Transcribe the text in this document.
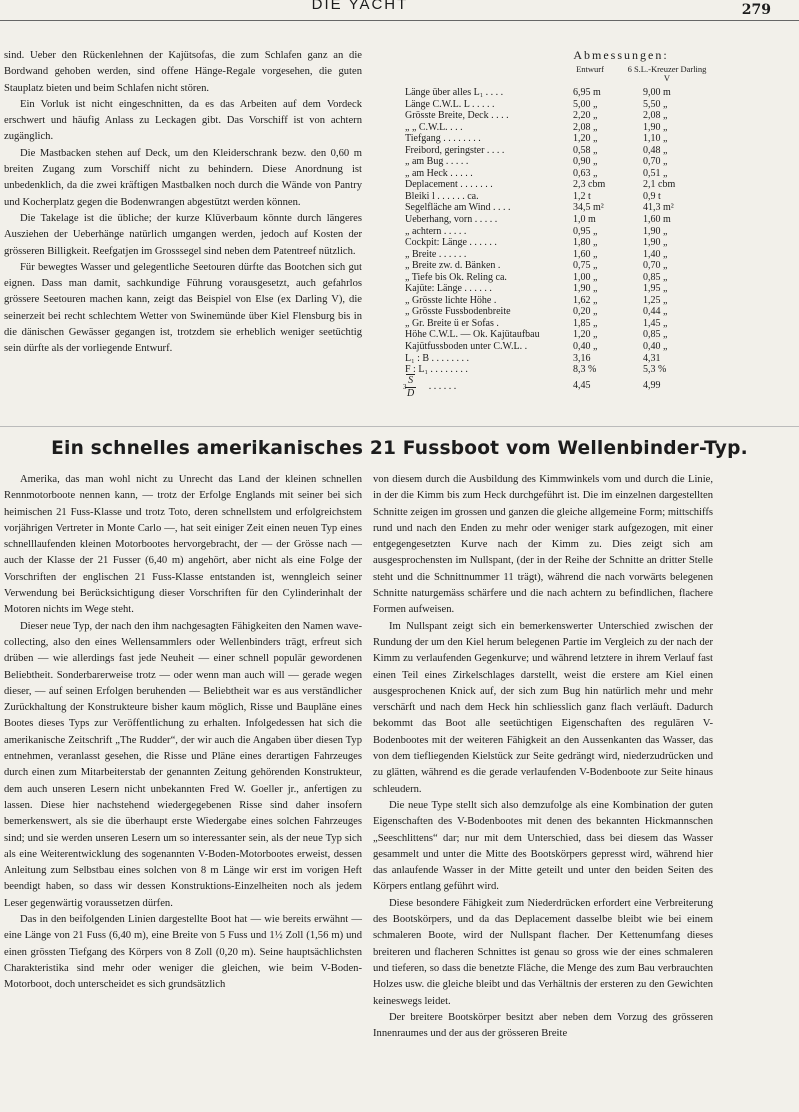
DIE YACHT	279

sind. Ueber den Rückenlehnen der Kajütsofas, die zum Schlafen ganz an die Bordwand gehoben werden, sind offene Hänge-Regale vorgesehen, die guten Stauplatz bieten und beim Schlafen nicht stören.

Ein Vorluk ist nicht eingeschnitten, da es das Arbeiten auf dem Vordeck erschwert und häufig Anlass zu Leckagen gibt. Das Vorschiff ist von achtern zugänglich.

Die Mastbacken stehen auf Deck, um den Kleiderschrank bezw. den 0,60 m breiten Zugang zum Vorschiff nicht zu behindern. Diese Anordnung ist unbedenklich, da die zwei kräftigen Mastbalken noch durch die Wände von Pantry und Kocherplatz gegen die Bodenwrangen abgestützt werden können.

Die Takelage ist die übliche; der kurze Klüverbaum könnte durch längeres Ausziehen der Ueberhänge natürlich umgangen werden, jedoch auf Kosten der grösseren Billigkeit. Reefgatjen im Grosssegel sind neben dem Patentreef nützlich.

Für bewegtes Wasser und gelegentliche Seetouren dürfte das Bootchen sich gut eignen. Dass man damit, sachkundige Führung vorausgesetzt, auch gefahrlos grössere Seetouren machen kann, zeigt das Beispiel von Else (ex Darling V), die seinerzeit bei recht schlechtem Wetter von Swinemünde über Kiel Flensburg bis in die dänischen Gewässer gegangen ist, trotzdem sie erheblich weniger seetüchtig sein dürfte als der vorliegende Entwurf.

Abmessungen:
Entwurf	6 S.L.-Kreuzer Darling V
Länge über alles L₁ . . . .	6,95 m	9,00 m
Länge C.W.L. L . . . . .	5,00 „	5,50 „
Grösste Breite, Deck . . . .	2,20 „	2,08 „
„ „ C.W.L. . . .	2,08 „	1,90 „
Tiefgang . . . . . . . .	1,20 „	1,10 „
Freibord, geringster . . . .	0,58 „	0,48 „
„ am Bug . . . . .	0,90 „	0,70 „
„ am Heck . . . . .	0,63 „	0,51 „
Deplacement . . . . . . .	2,3 cbm	2,1 cbm
Bleiki l . . . . . . ca.	1,2 t	0,9 t
Segelfläche am Wind . . . .	34,5 m²	41,3 m²
Ueberhang, vorn . . . . .	1,0 m	1,60 m
„ achtern . . . . .	0,95 „	1,90 „
Cockpit: Länge . . . . . .	1,80 „	1,90 „
„ Breite . . . . . .	1,60 „	1,40 „
„ Breite zw. d. Bänken .	0,75 „	0,70 „
„ Tiefe bis Ok. Reling ca.	1,00 „	0,85 „
Kajüte: Länge . . . . . .	1,90 „	1,95 „
„ Grösste lichte Höhe .	1,62 „	1,25 „
„ Grösste Fussbodenbreite	0,20 „	0,44 „
„ Gr. Breite ü er Sofas .	1,85 „	1,45 „
Höhe C.W.L. — Ok. Kajütaufbau	1,20 „	0,85 „
Kajütfussboden unter C.W.L. .	0,40 „	0,40 „
L₁ : B . . . . . . . .	3,16	4,31
F : L₁ . . . . . . . .	8,3 %	5,3 %
S
3
D . . . . . .	4,45	4,99
Ein schnelles amerikanisches 21 Fussboot vom Wellenbinder-Typ.

Amerika, das man wohl nicht zu Unrecht das Land der kleinen schnellen Rennmotorboote nennen kann, — trotz der Erfolge Englands mit seiner bei sich heimischen 21 Fuss-Klasse und trotz Toto, deren schnellstem und erfolgreichstem vorjährigen Vertreter in Monte Carlo —, hat seit einiger Zeit einen neuen Typ eines schnelllaufenden kleinen Motorbootes hervorgebracht, der — der Grösse nach — auch der Klasse der 21 Fusser (6,40 m) angehört, aber nicht als eine Folge der Vorschriften der englischen 21 Fuss-Klasse entstanden ist, wenngleich seiner Verwendung bei Berücksichtigung dieser Vorschriften für den Cylinderinhalt der Motoren nichts im Wege steht.

Dieser neue Typ, der nach den ihm nachgesagten Fähigkeiten den Namen wave-collecting, also den eines Wellensammlers oder Wellenbinders trägt, erfreut sich drüben — wie allerdings fast jede Neuheit — einer schnell populär gewordenen Beliebtheit. Sonderbarerweise trotz — oder wenn man auch will — gerade wegen dieser, — auf seinen Erfolgen beruhenden — Beliebtheit war es aus verständlicher Zurückhaltung der Konstrukteure bisher kaum möglich, Risse und Baupläne eines Bootes dieses Typs zur Veröffentlichung zu erhalten. Infolgedessen hat sich die amerikanische Zeitschrift „The Rudder“, der wir auch die Angaben über diesen Typ entnehmen, veranlasst gesehen, die Risse und Pläne eines derartigen Fahrzeuges durch einen zum Mitarbeiterstab der genannten Zeitung gehörenden Konstrukteur, dem auch unseren Lesern nicht unbekannten Fred W. Goeller jr., anfertigen zu lassen. Diese hier nachstehend wiedergegebenen Risse sind daher insofern bemerkenswert, als sie die überhaupt erste Wiedergabe eines solchen Fahrzeuges sind; und sie werden unseren Lesern um so interessanter sein, als der neue Typ sich als eine Weiterentwicklung des sogenannten V-Boden-Motorbootes erweist, dessen Anleitung zum Selbstbau eines solchen von 8 m Länge wir erst im vorigen Heft beendigt haben, so dass wir dessen Konstruktions-Einzelheiten noch als jedem Leser gegenwärtig voraussetzen dürfen.

Das in den beifolgenden Linien dargestellte Boot hat — wie bereits erwähnt — eine Länge von 21 Fuss (6,40 m), eine Breite von 5 Fuss und 1½ Zoll (1,56 m) und einen grössten Tiefgang des Körpers von 8 Zoll (0,20 m). Seine hauptsächlichsten Charakteristika sind mehr oder weniger die gleichen, wie beim V-Boden-Motorboot, doch unterscheidet es sich grundsätzlich

von diesem durch die Ausbildung des Kimmwinkels vom und durch die Linie, in der die Kimm bis zum Heck durchgeführt ist. Die im einzelnen dargestellten Schnitte zeigen im grossen und ganzen die gleiche allgemeine Form; mittschiffs rund und nach den Enden zu mehr oder weniger stark aufgezogen, mit einer entgegengesetzten Kurve nach der Kimm zu. Dies zeigt sich am ausgesprochensten im Nullspant, (der in der Reihe der Schnitte an dritter Stelle steht und die Schnittnummer 11 trägt), während die nach vorwärts belegenen Schnitte naturgemäss schärfere und die nach achtern zu befindlichen, flachere Formen aufweisen.

Im Nullspant zeigt sich ein bemerkenswerter Unterschied zwischen der Rundung der um den Kiel herum belegenen Partie im Vergleich zu der nach der Kimm zu verlaufenden Gegenkurve; und während letztere in ihrem Verlauf fast einen Teil eines Zirkelschlages darstellt, weist die erstere am Kiel einen ausgesprochenen Knick auf, der sich zum Bug hin natürlich mehr und mehr verschärft und nach dem Heck hin schliesslich ganz flach verläuft. Dadurch bekommt das Boot alle seetüchtigen Eigenschaften des regulären V-Bodenbootes mit der weiteren Fähigkeit an den Aussenkanten das Wasser, das von dem tiefliegenden Kielstück zur Seite gedrängt wird, niederzudrücken und zu glätten, während es die gerade verlaufenden V-Bodenboote zur Seite hinaus schleudern.

Die neue Type stellt sich also demzufolge als eine Kombination der guten Eigenschaften des V-Bodenbootes mit denen des bekannten Hickmannschen „Seeschlittens“ dar; nur mit dem Unterschied, dass bei diesem das Wasser gesammelt und unter die Mitte des Bootskörpers gepresst wird, während hier das anlaufende Wasser in der Mitte geteilt und unter den beiden Seiten des Körpers entlang geführt wird.

Diese besondere Fähigkeit zum Niederdrücken erfordert eine Verbreiterung des Bootskörpers, und da das Deplacement dasselbe bleibt wie bei einem schmaleren Boote, wird der Nullspant flacher. Der Kettenumfang dieses breiteren und flacheren Schnittes ist genau so gross wie der eines schmaleren und tieferen, so dass die benetzte Fläche, die Menge des zum Bau verbrauchten Holzes usw. die gleiche bleibt und das Verhältnis der ersteren zu den Gewichten keineswegs leidet.

Der breitere Bootskörper besitzt aber neben dem Vorzug des grösseren Innenraumes und der aus der grösseren Breite
